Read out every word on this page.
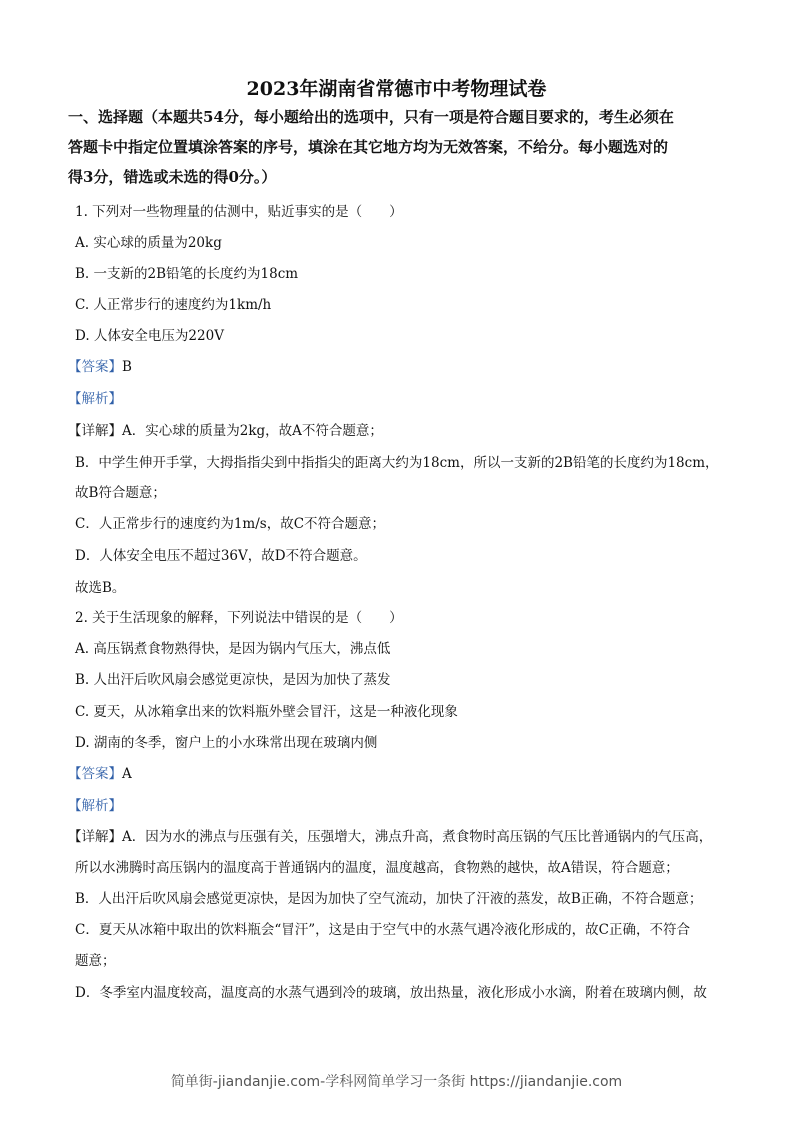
2023年湖南省常德市中考物理试卷
一、选择题（本题共54分，每小题给出的选项中，只有一项是符合题目要求的，考生必须在
答题卡中指定位置填涂答案的序号，填涂在其它地方均为无效答案，不给分。每小题选对的
得3分，错选或未选的得0分。）
1. 下列对一些物理量的估测中，贴近事实的是（　　）
A. 实心球的质量为20kg
B. 一支新的2B铅笔的长度约为18cm
C. 人正常步行的速度约为1km/h
D. 人体安全电压为220V
【答案】B
【解析】
【详解】A．实心球的质量为2kg，故A不符合题意；
B．中学生伸开手掌，大拇指指尖到中指指尖的距离大约为18cm，所以一支新的2B铅笔的长度约为18cm，
故B符合题意；
C．人正常步行的速度约为1m/s，故C不符合题意；
D．人体安全电压不超过36V，故D不符合题意。
故选B。
2. 关于生活现象的解释，下列说法中错误的是（　　）
A. 高压锅煮食物熟得快，是因为锅内气压大，沸点低
B. 人出汗后吹风扇会感觉更凉快，是因为加快了蒸发
C. 夏天，从冰箱拿出来的饮料瓶外壁会冒汗，这是一种液化现象
D. 湖南的冬季，窗户上的小水珠常出现在玻璃内侧
【答案】A
【解析】
【详解】A．因为水的沸点与压强有关，压强增大，沸点升高，煮食物时高压锅的气压比普通锅内的气压高，
所以水沸腾时高压锅内的温度高于普通锅内的温度，温度越高，食物熟的越快，故A错误，符合题意；
B．人出汗后吹风扇会感觉更凉快，是因为加快了空气流动，加快了汗液的蒸发，故B正确，不符合题意；
C．夏天从冰箱中取出的饮料瓶会“冒汗”，这是由于空气中的水蒸气遇冷液化形成的，故C正确，不符合
题意；
D．冬季室内温度较高，温度高的水蒸气遇到冷的玻璃，放出热量，液化形成小水滴，附着在玻璃内侧，故
简单街-jiandanjie.com-学科网简单学习一条街 https://jiandanjie.com
